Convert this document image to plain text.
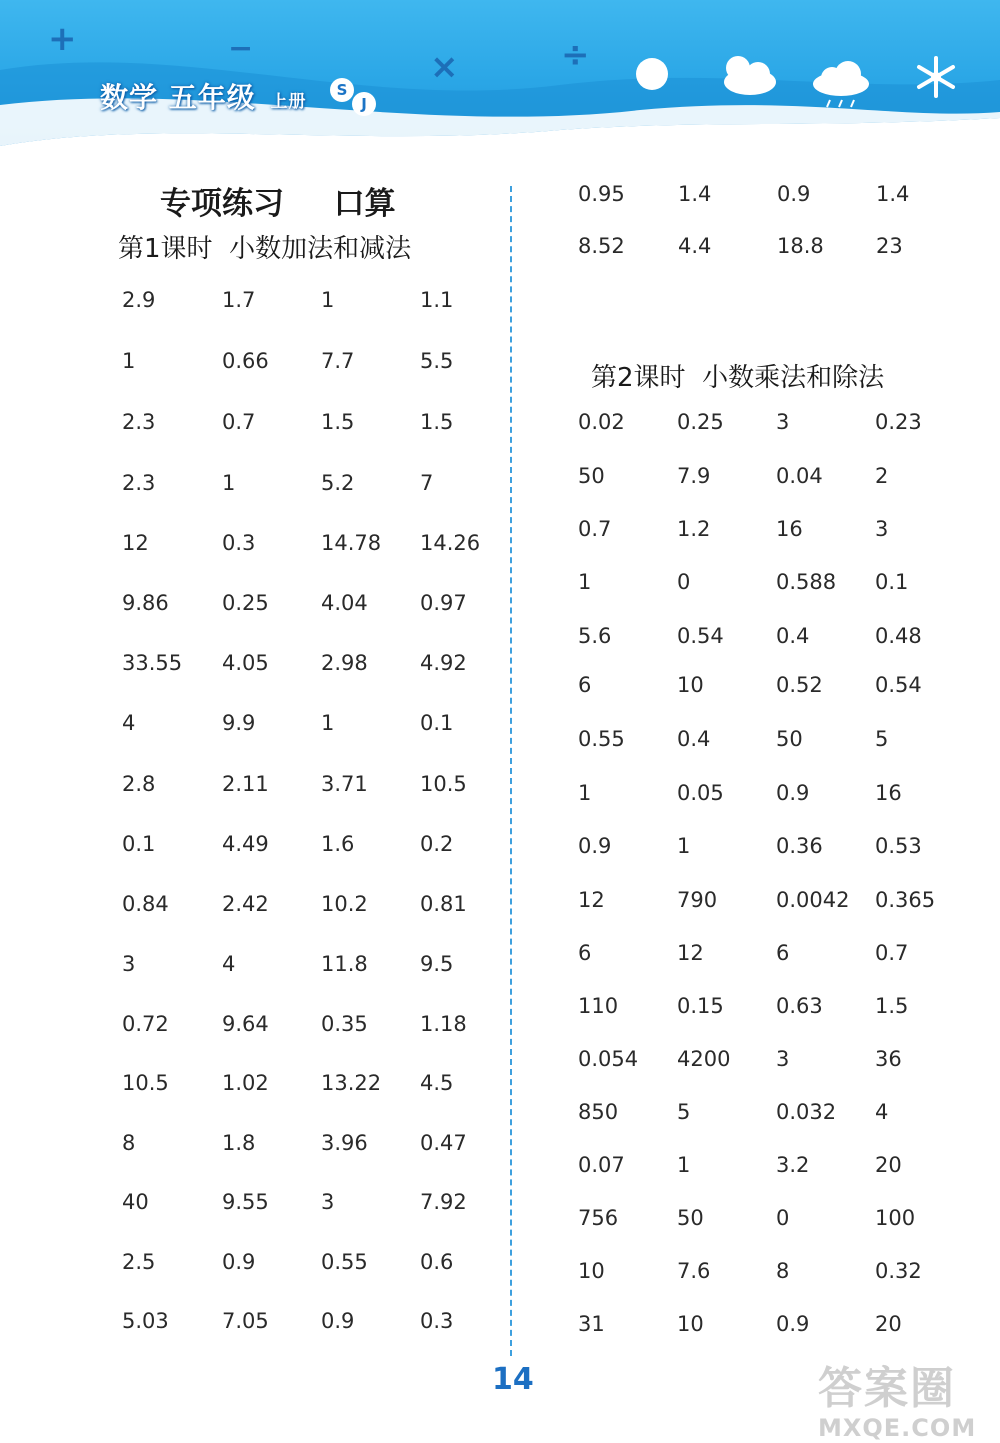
+	−	×	÷
数学 五年级 上册
S
J
专项练习  口算
第1课时  小数加法和减法
第2课时  小数乘法和除法
2.9	1.7	1	1.1
1	0.66 7.7	5.5
2.3	0.7	1.5	1.5
2.3	1	5.2	7
12	0.3	14.78 14.26
9.86	0.25 4.04 0.97
33.55 4.05 2.98 4.92
4	9.9	1	0.1
2.8	2.11 3.71 10.5
0.1	4.49 1.6	0.2
0.84	2.42 10.2 0.81
3	4	11.8 9.5
0.72	9.64 0.35 1.18
10.5	1.02 13.22 4.5
8	1.8	3.96 0.47
40	9.55 3	7.92
2.5	0.9	0.55 0.6
5.03	7.05 0.9	0.3
0.95	1.4	0.9	1.4
8.52	4.4	18.8 23
0.02 0.25 3	0.23
50	7.9	0.04 2
0.7	1.2	16	3
1	0	0.588 0.1
5.6	0.54 0.4	0.48
6	10	0.52 0.54
0.55 0.4	50	5
1	0.05 0.9	16
0.9	1	0.36 0.53
12	790	0.0042 0.365
6	12	6	0.7
110	0.15 0.63 1.5
0.054 4200 3	36
850	5	0.032 4
0.07 1	3.2	20
756	50	0	100
10	7.6	8	0.32
31	10	0.9	20
14	答案圈
MXQE.COM
